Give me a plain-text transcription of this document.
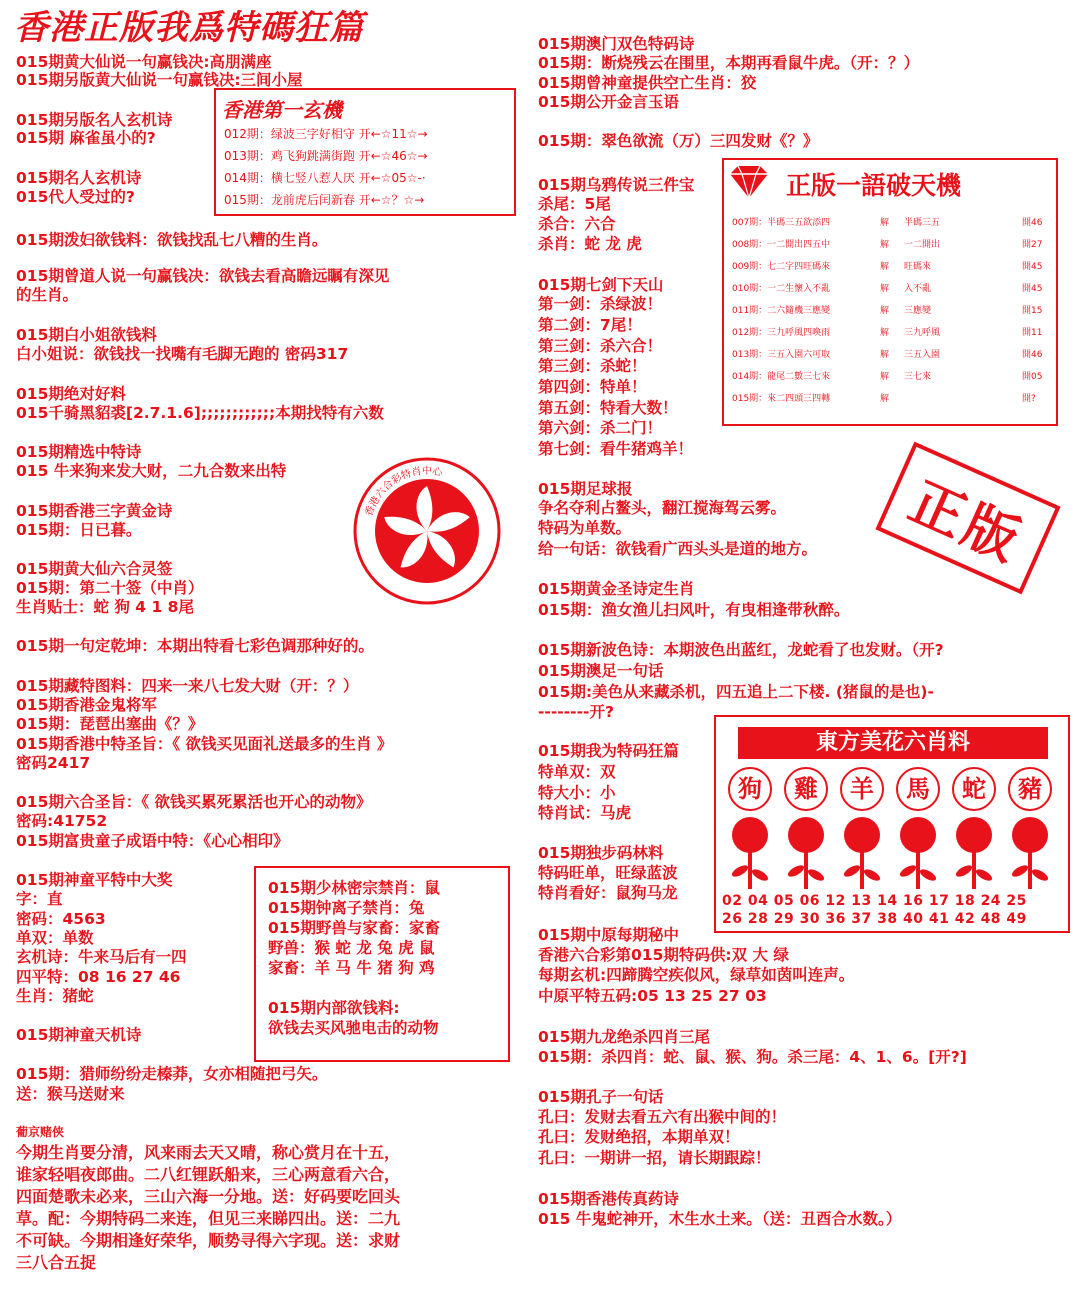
香港正版我爲特碼狂篇
015期黄大仙说一句赢钱决:高朋满座
015期另版黄大仙说一句赢钱决:三间小屋
015期另版名人玄机诗
015期 麻雀虽小的?
015期名人玄机诗
015代人受过的?
015期泼妇欲钱料：欲钱找乱七八糟的生肖。
015期曾道人说一句赢钱决：欲钱去看高瞻远瞩有深见
的生肖。
015期白小姐欲钱料
白小姐说：欲钱找一找嘴有毛脚无跑的 密码317
015期绝对好料
015千骑黑貂裘[2.7.1.6];;;;;;;;;;;;本期找特有六数
015期精选中特诗
015 牛来狗来发大财，二九合数来出特
015期香港三字黄金诗
015期：日已暮。
015期黄大仙六合灵签
015期：第二十签（中肖）
生肖贴士：蛇 狗 4 1 8尾
015期一句定乾坤：本期出特看七彩色调那种好的。
015期藏特图料：四来一来八七发大财（开：？）
015期香港金鬼将军
015期：琵琶出塞曲《？》
015期香港中特圣旨：《 欲钱买见面礼送最多的生肖 》
密码2417
015期六合圣旨：《 欲钱买累死累活也开心的动物》
密码:41752
015期富贵童子成语中特：《心心相印》
015期神童平特中大奖
字：直
密码：4563
单双：单数
玄机诗：牛来马后有一四
四平特：08 16 27 46
生肖：猪蛇
015期神童天机诗
015期：猎师纷纷走榛莽，女亦相随把弓矢。
送：猴马送财来
香港第一玄機
012期：绿波三字好相守 开←☆11☆→
013期：鸡飞狗跳满街跑 开←☆46☆→
014期：横七竖八惹人厌 开←☆05☆-·
015期：龙前虎后闰新春 开←☆？☆→
香港六合彩特肖中心
015期少林密宗禁肖：鼠
015期钟离子禁肖：兔
015期野兽与家畜：家畜
野兽：猴 蛇 龙 兔 虎 鼠
家畜：羊 马 牛 猪 狗 鸡
015期内部欲钱料:
欲钱去买风驰电击的动物
葡京赌侠
今期生肖要分清，风来雨去天又晴，称心赏月在十五，
谁家轻唱夜郎曲。二八红锂跃船来，三心两意看六合，
四面楚歌未必来，三山六海一分地。送：好码要吃回头
草。配：今期特码二来连，但见三来睇四出。送：二九
不可缺。今期相逢好荣华，顺势寻得六字现。送：求财
三八合五捉
015期澳门双色特码诗
015期：断烧残云在围里，本期再看鼠牛虎。（开：？）
015期曾神童提供空亡生肖：狡
015期公开金言玉语
015期：翠色欲流（万）三四发财《？》
015期乌鸦传说三件宝
杀尾：5尾
杀合：六合
杀肖：蛇 龙 虎
015期七剑下天山
第一剑：杀绿波！
第二剑：7尾！
第三剑：杀六合！
第三剑：杀蛇！
第四剑：特单！
第五剑：特看大数！
第六剑：杀二门！
第七剑：看牛猪鸡羊！
015期足球报
争名夺利占鳌头，翻江搅海驾云雾。
特码为单数。
给一句话：欲钱看广西头头是道的地方。
015期黄金圣诗定生肖
015期：渔女渔儿扫风叶，有曳相逢带秋醉。
015期新波色诗：本期波色出蓝红，龙蛇看了也发财。（开?
015期澳足一句话
015期:美色从来藏杀机，四五追上二下楼. (猪鼠的是也)-
--------开?
015期我为特码狂篇
特单双：双
特大小：小
特肖试：马虎
015期独步码林料
特码旺单，旺绿蓝波
特肖看好：鼠狗马龙
015期中原每期秘中
香港六合彩第015期特码供:双 大 绿
每期玄机:四蹄腾空疾似风，绿草如茵叫连声。
中原平特五码:05 13 25 27 03
015期九龙绝杀四肖三尾
015期：杀四肖：蛇、鼠、猴、狗。杀三尾：4、1、6。[开?]
015期孔子一句话
孔曰：发财去看五六有出猴中间的！
孔曰：发财绝招，本期单双！
孔曰：一期讲一招，请长期跟踪！
015期香港传真药诗
015 牛鬼蛇神开，木生水土来。（送：丑酉合水数。）
正版一語破天機
007期：半碼三五欲添四	解 半碼三五	開46
008期：一二開出四五中	解 一二開出	開27
009期：七二字四旺碼來	解 旺碼來	開45
010期：一二生懷入不亂	解 入不亂	開45
011期：二六隨機三應變	解 三應變	開15
012期：三九呼風四喚雨	解 三九呼風	開11
013期：三五入園六可取	解 三五入園	開46
014期：龍尾二數三七來	解 三七來	開05
015期：來二四頭三四轉	解	開?
正版
東方美花六肖料
狗	雞	羊	馬	蛇	豬
02 04 05 06 12 13 14 16 17 18 24 25
26 28 29 30 36 37 38 40 41 42 48 49
